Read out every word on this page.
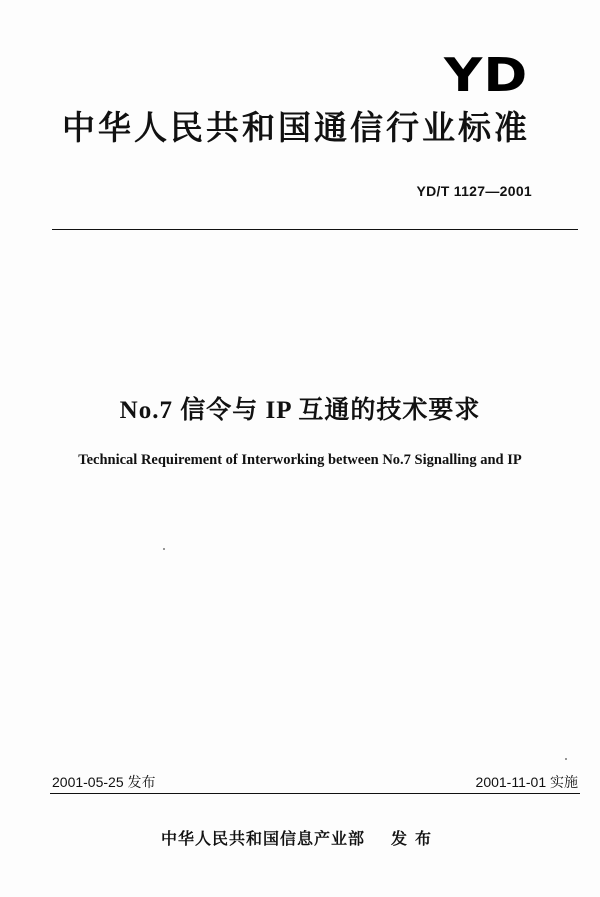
YD
中华人民共和国通信行业标准
YD/T 1127—2001
No.7 信令与 IP 互通的技术要求
Technical Requirement of Interworking between No.7 Signalling and IP
2001-05-25 发布	2001-11-01 实施
中华人民共和国信息产业部 发布
